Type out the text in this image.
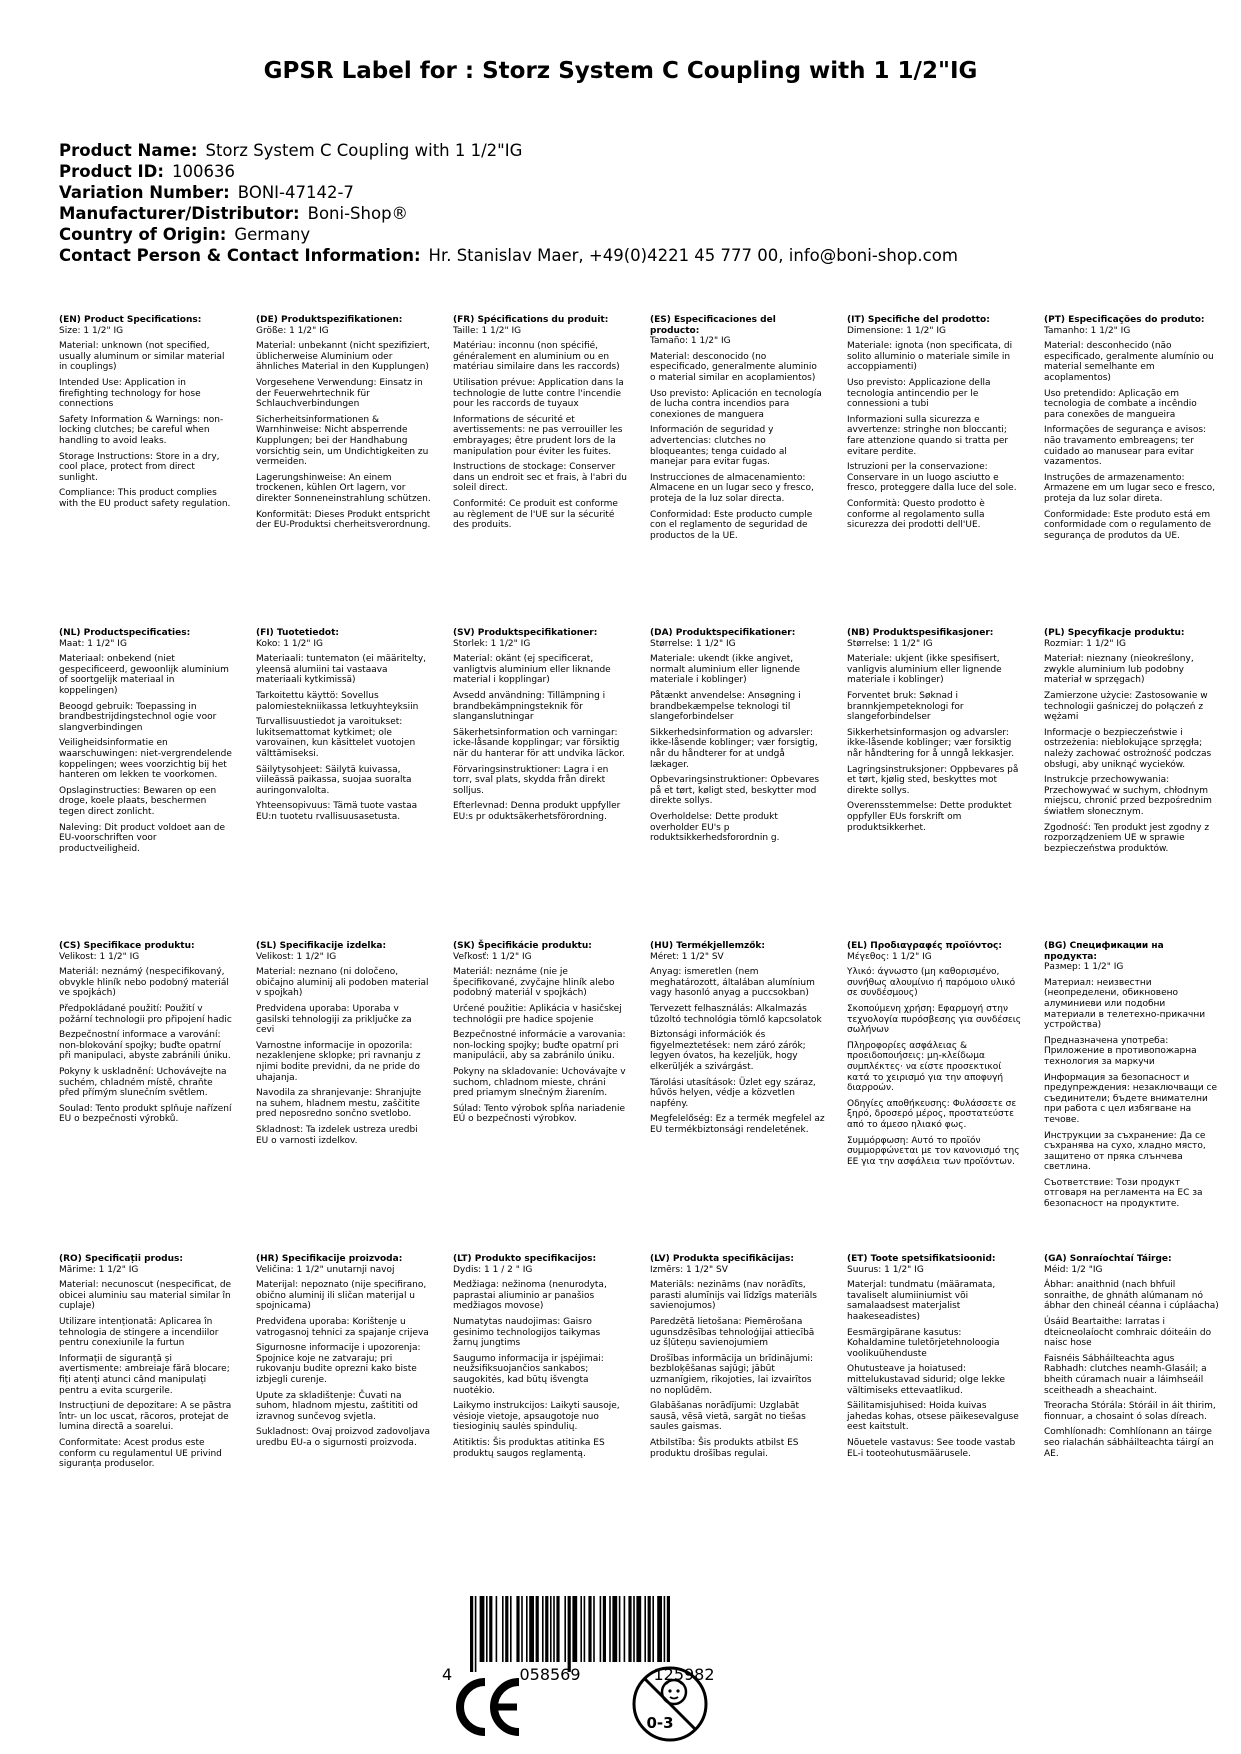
GPSR Label for : Storz System C Coupling with 1 1/2"IG
Product Name: Storz System C Coupling with 1 1/2"IG
Product ID: 100636
Variation Number: BONI-47142-7
Manufacturer/Distributor: Boni-Shop®
Country of Origin: Germany
Contact Person & Contact Information: Hr. Stanislav Maer, +49(0)4221 45 777 00, info@boni-shop.com
(EN) Product Specifications:
Size: 1 1/2" IG
Material: unknown (not specified, usually aluminum or similar material in couplings)
Intended Use: Application in firefighting technology for hose connections
Safety Information & Warnings: non-locking clutches; be careful when handling to avoid leaks.
Storage Instructions: Store in a dry, cool place, protect from direct sunlight.
Compliance: This product complies with the EU product safety regulation.
(DE) Produktspezifikationen:
Größe: 1 1/2" IG
Material: unbekannt (nicht spezifiziert, üblicherweise Aluminium oder ähnliches Material in den Kupplungen)
Vorgesehene Verwendung: Einsatz in der Feuerwehrtechnik für Schlauchverbindungen
Sicherheitsinformationen & Warnhinweise: Nicht absperrende Kupplungen; bei der Handhabung vorsichtig sein, um Undichtigkeiten zu vermeiden.
Lagerungshinweise: An einem trockenen, kühlen Ort lagern, vor direkter Sonneneinstrahlung schützen.
Konformität: Dieses Produkt entspricht der EU-Produktsi cherheitsverordnung.
(FR) Spécifications du produit:
Taille: 1 1/2" IG
Matériau: inconnu (non spécifié, généralement en aluminium ou en matériau similaire dans les raccords)
Utilisation prévue: Application dans la technologie de lutte contre l'incendie pour les raccords de tuyaux
Informations de sécurité et avertissements: ne pas verrouiller les embrayages; être prudent lors de la manipulation pour éviter les fuites.
Instructions de stockage: Conserver dans un endroit sec et frais, à l'abri du soleil direct.
Conformité: Ce produit est conforme au règlement de l'UE sur la sécurité des produits.
(ES) Especificaciones del producto:
Tamaño: 1 1/2" IG
Material: desconocido (no especificado, generalmente aluminio o material similar en acoplamientos)
Uso previsto: Aplicación en tecnología de lucha contra incendios para conexiones de manguera
Información de seguridad y advertencias: clutches no bloqueantes; tenga cuidado al manejar para evitar fugas.
Instrucciones de almacenamiento: Almacene en un lugar seco y fresco, proteja de la luz solar directa.
Conformidad: Este producto cumple con el reglamento de seguridad de productos de la UE.
(IT) Specifiche del prodotto:
Dimensione: 1 1/2" IG
Materiale: ignota (non specificata, di solito alluminio o materiale simile in accoppiamenti)
Uso previsto: Applicazione della tecnologia antincendio per le connessioni a tubi
Informazioni sulla sicurezza e avvertenze: stringhe non bloccanti; fare attenzione quando si tratta per evitare perdite.
Istruzioni per la conservazione: Conservare in un luogo asciutto e fresco, proteggere dalla luce del sole.
Conformità: Questo prodotto è conforme al regolamento sulla sicurezza dei prodotti dell'UE.
(PT) Especificações do produto:
Tamanho: 1 1/2" IG
Material: desconhecido (não especificado, geralmente alumínio ou material semelhante em acoplamentos)
Uso pretendido: Aplicação em tecnologia de combate a incêndio para conexões de mangueira
Informações de segurança e avisos: não travamento embreagens; ter cuidado ao manusear para evitar vazamentos.
Instruções de armazenamento: Armazene em um lugar seco e fresco, proteja da luz solar direta.
Conformidade: Este produto está em conformidade com o regulamento de segurança de produtos da UE.
(NL) Productspecificaties:
Maat: 1 1/2" IG
Materiaal: onbekend (niet gespecificeerd, gewoonlijk aluminium of soortgelijk materiaal in koppelingen)
Beoogd gebruik: Toepassing in brandbestrijdingstechnol ogie voor slangverbindingen
Veiligheidsinformatie en waarschuwingen: niet-vergrendelende koppelingen; wees voorzichtig bij het hanteren om lekken te voorkomen.
Opslaginstructies: Bewaren op een droge, koele plaats, beschermen tegen direct zonlicht.
Naleving: Dit product voldoet aan de EU-voorschriften voor productveiligheid.
(FI) Tuotetiedot:
Koko: 1 1/2" IG
Materiaali: tuntematon (ei määritelty, yleensä alumiini tai vastaava materiaali kytkimissä)
Tarkoitettu käyttö: Sovellus palomiestekniikassa letkuyhteyksiin
Turvallisuustiedot ja varoitukset: lukitsemattomat kytkimet; ole varovainen, kun käsittelet vuotojen välttämiseksi.
Säilytysohjeet: Säilytä kuivassa, viileässä paikassa, suojaa suoralta auringonvalolta.
Yhteensopivuus: Tämä tuote vastaa EU:n tuotetu rvallisuusasetusta.
(SV) Produktspecifikationer:
Storlek: 1 1/2" IG
Material: okänt (ej specificerat, vanligtvis aluminium eller liknande material i kopplingar)
Avsedd användning: Tillämpning i brandbekämpningsteknik för slanganslutningar
Säkerhetsinformation och varningar: icke-låsande kopplingar; var försiktig när du hanterar för att undvika läckor.
Förvaringsinstruktioner: Lagra i en torr, sval plats, skydda från direkt solljus.
Efterlevnad: Denna produkt uppfyller EU:s pr oduktsäkerhetsförordning.
(DA) Produktspecifikationer:
Størrelse: 1 1/2" IG
Materiale: ukendt (ikke angivet, normalt aluminium eller lignende materiale i koblinger)
Påtænkt anvendelse: Ansøgning i brandbekæmpelse teknologi til slangeforbindelser
Sikkerhedsinformation og advarsler: ikke-låsende koblinger; vær forsigtig, når du håndterer for at undgå lækager.
Opbevaringsinstruktioner: Opbevares på et tørt, køligt sted, beskytter mod direkte sollys.
Overholdelse: Dette produkt overholder EU's p roduktsikkerhedsforordnin g.
(NB) Produktspesifikasjoner:
Størrelse: 1 1/2" IG
Materiale: ukjent (ikke spesifisert, vanligvis aluminium eller lignende materiale i koblinger)
Forventet bruk: Søknad i brannkjempeteknologi for slangeforbindelser
Sikkerhetsinformasjon og advarsler: ikke-låsende koblinger; vær forsiktig når håndtering for å unngå lekkasjer.
Lagringsinstruksjoner: Oppbevares på et tørt, kjølig sted, beskyttes mot direkte sollys.
Overensstemmelse: Dette produktet oppfyller EUs forskrift om produktsikkerhet.
(PL) Specyfikacje produktu:
Rozmiar: 1 1/2" IG
Materiał: nieznany (nieokreślony, zwykle aluminium lub podobny materiał w sprzęgach)
Zamierzone użycie: Zastosowanie w technologii gaśniczej do połączeń z wężami
Informacje o bezpieczeństwie i ostrzeżenia: nieblokujące sprzęgła; należy zachować ostrożność podczas obsługi, aby uniknąć wycieków.
Instrukcje przechowywania: Przechowywać w suchym, chłodnym miejscu, chronić przed bezpośrednim światłem słonecznym.
Zgodność: Ten produkt jest zgodny z rozporządzeniem UE w sprawie bezpieczeństwa produktów.
(CS) Specifikace produktu:
Velikost: 1 1/2" IG
Materiál: neznámý (nespecifikovaný, obvykle hliník nebo podobný materiál ve spojkách)
Předpokládané použití: Použití v požární technologii pro připojení hadic
Bezpečnostní informace a varování: non-blokování spojky; buďte opatrní při manipulaci, abyste zabránili úniku.
Pokyny k uskladnění: Uchovávejte na suchém, chladném místě, chraňte před přímým slunečním světlem.
Soulad: Tento produkt splňuje nařízení EU o bezpečnosti výrobků.
(SL) Specifikacije izdelka:
Velikost: 1 1/2" IG
Material: neznano (ni določeno, običajno aluminij ali podoben material v spojkah)
Predvidena uporaba: Uporaba v gasilski tehnologiji za priključke za cevi
Varnostne informacije in opozorila: nezaklenjene sklopke; pri ravnanju z njimi bodite previdni, da ne pride do uhajanja.
Navodila za shranjevanje: Shranjujte na suhem, hladnem mestu, zaščitite pred neposredno sončno svetlobo.
Skladnost: Ta izdelek ustreza uredbi EU o varnosti izdelkov.
(SK) Špecifikácie produktu:
Veľkosť: 1 1/2" IG
Materiál: neznáme (nie je špecifikované, zvyčajne hliník alebo podobný materiál v spojkách)
Určené použitie: Aplikácia v hasičskej technológii pre hadice spojenie
Bezpečnostné informácie a varovania: non-locking spojky; buďte opatrní pri manipulácii, aby sa zabránilo úniku.
Pokyny na skladovanie: Uchovávajte v suchom, chladnom mieste, chráni pred priamym slnečným žiarením.
Súlad: Tento výrobok spĺňa nariadenie EÚ o bezpečnosti výrobkov.
(HU) Termékjellemzők:
Méret: 1 1/2" SV
Anyag: ismeretlen (nem meghatározott, általában alumínium vagy hasonló anyag a puccsokban)
Tervezett felhasználás: Alkalmazás tűzoltó technológia tömlő kapcsolatok
Biztonsági információk és figyelmeztetések: nem záró zárók; legyen óvatos, ha kezeljük, hogy elkerüljék a szivárgást.
Tárolási utasítások: Üzlet egy száraz, hűvös helyen, védje a közvetlen napfény.
Megfelelőség: Ez a termék megfelel az EU termékbiztonsági rendeletének.
(EL) Προδιαγραφές προϊόντος:
Μέγεθος: 1 1/2" IG
Υλικό: άγνωστο (μη καθορισμένο, συνήθως αλουμίνιο ή παρόμοιο υλικό σε συνδέσμους)
Σκοπούμενη χρήση: Εφαρμογή στην τεχνολογία πυρόσβεσης για συνδέσεις σωλήνων
Πληροφορίες ασφάλειας & προειδοποιήσεις: μη-κλείδωμα συμπλέκτες· να είστε προσεκτικοί κατά το χειρισμό για την αποφυγή διαρροών.
Οδηγίες αποθήκευσης: Φυλάσσετε σε ξηρό, δροσερό μέρος, προστατεύστε από το άμεσο ηλιακό φως.
Συμμόρφωση: Αυτό το προϊόν συμμορφώνεται με τον κανονισμό της ΕΕ για την ασφάλεια των προϊόντων.
(BG) Спецификации на продукта:
Размер: 1 1/2" IG
Материал: неизвестни (неопределени, обикновено алуминиеви или подобни материали в телетехно-прикачни устройства)
Предназначена употреба: Приложение в противопожарна технология за маркучи
Информация за безопасност и предупреждения: незаключващи се съединители; бъдете внимателни при работа с цел избягване на течове.
Инструкции за съхранение: Да се съхранява на сухо, хладно място, защитено от пряка слънчева светлина.
Съответствие: Този продукт отговаря на регламента на ЕС за безопасност на продуктите.
(RO) Specificații produs:
Mărime: 1 1/2" IG
Material: necunoscut (nespecificat, de obicei aluminiu sau material similar în cuplaje)
Utilizare intenționată: Aplicarea în tehnologia de stingere a incendiilor pentru conexiunile la furtun
Informații de siguranță și avertismente: ambreiaje fără blocare; fiți atenți atunci când manipulați pentru a evita scurgerile.
Instrucțiuni de depozitare: A se păstra într- un loc uscat, răcoros, protejat de lumina directă a soarelui.
Conformitate: Acest produs este conform cu regulamentul UE privind siguranța produselor.
(HR) Specifikacije proizvoda:
Veličina: 1 1/2" unutarnji navoj
Materijal: nepoznato (nije specifirano, obično aluminij ili sličan materijal u spojnicama)
Predviđena uporaba: Korištenje u vatrogasnoj tehnici za spajanje crijeva
Sigurnosne informacije i upozorenja: Spojnice koje ne zatvaraju; pri rukovanju budite oprezni kako biste izbjegli curenje.
Upute za skladištenje: Čuvati na suhom, hladnom mjestu, zaštititi od izravnog sunčevog svjetla.
Sukladnost: Ovaj proizvod zadovoljava uredbu EU-a o sigurnosti proizvoda.
(LT) Produkto specifikacijos:
Dydis: 1 1 / 2 " IG
Medžiaga: nežinoma (nenurodyta, paprastai aliuminio ar panašios medžiagos movose)
Numatytas naudojimas: Gaisro gesinimo technologijos taikymas žarnų jungtims
Saugumo informacija ir įspėjimai: neužsifiksuojančios sankabos; saugokitės, kad būtų išvengta nuotėkio.
Laikymo instrukcijos: Laikyti sausoje, vėsioje vietoje, apsaugotoje nuo tiesioginių saulės spindulių.
Atitiktis: Šis produktas atitinka ES produktų saugos reglamentą.
(LV) Produkta specifikācijas:
Izmērs: 1 1/2" SV
Materiāls: nezināms (nav norādīts, parasti alumīnijs vai līdzīgs materiāls savienojumos)
Paredzētā lietošana: Piemērošana ugunsdzēsības tehnoloģijai attiecībā uz šļūteņu savienojumiem
Drošības informācija un brīdinājumi: bezbloķēšanas sajūgi; jābūt uzmanīgiem, rīkojoties, lai izvairītos no noplūdēm.
Glabāšanas norādījumi: Uzglabāt sausā, vēsā vietā, sargāt no tiešas saules gaismas.
Atbilstība: Šis produkts atbilst ES produktu drošības regulai.
(ET) Toote spetsifikatsioonid:
Suurus: 1 1/2" IG
Materjal: tundmatu (määramata, tavaliselt alumiiniumist või samalaadsest materjalist haakeseadistes)
Eesmärgipärane kasutus: Kohaldamine tuletõrjetehnoloogia voolikuühenduste
Ohutusteave ja hoiatused: mittelukustavad sidurid; olge lekke vältimiseks ettevaatlikud.
Säilitamisjuhised: Hoida kuivas jahedas kohas, otsese päikesevalguse eest kaitstult.
Nõuetele vastavus: See toode vastab EL-i tooteohutusmäärusele.
(GA) Sonraíochtaí Táirge:
Méid: 1/2 "IG
Ábhar: anaithnid (nach bhfuil sonraithe, de ghnáth alúmanam nó ábhar den chineál céanna i cúpláacha)
Úsáid Beartaithe: Iarratas i dteicneolaíocht comhraic dóiteáin do naisc hose
Faisnéis Sábháilteachta agus Rabhadh: clutches neamh-Glasáil; a bheith cúramach nuair a láimhseáil sceitheadh a sheachaint.
Treoracha Stórála: Stóráil in áit thirim, fionnuar, a chosaint ó solas díreach.
Comhlíonadh: Comhlíonann an táirge seo rialachán sábháilteachta táirgí an AE.
4	058569	125982
0-3
